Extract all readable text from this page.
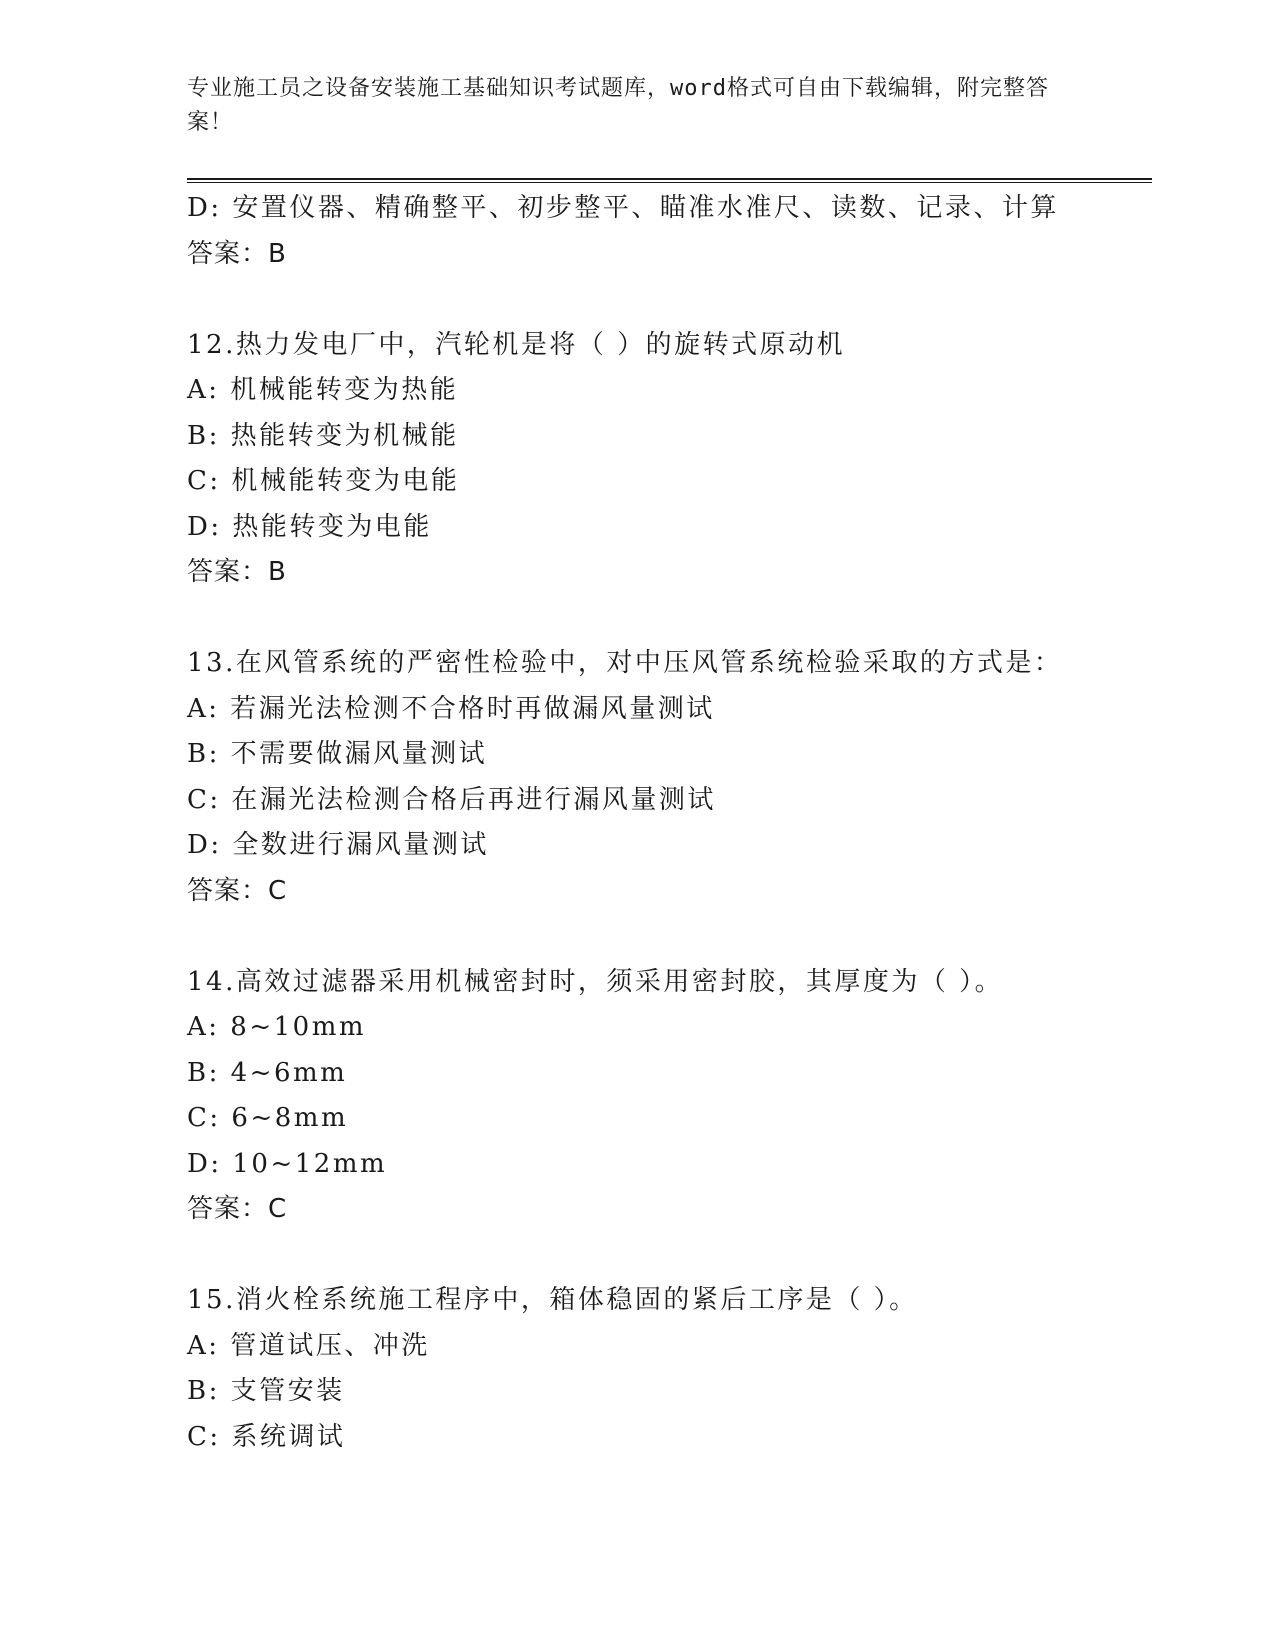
专业施工员之设备安装施工基础知识考试题库，word格式可自由下载编辑，附完整答案！
D: 安置仪器、精确整平、初步整平、瞄准水准尺、读数、记录、计算
答案：B
12.热力发电厂中，汽轮机是将（ ）的旋转式原动机
A: 机械能转变为热能
B: 热能转变为机械能
C: 机械能转变为电能
D: 热能转变为电能
答案：B
13.在风管系统的严密性检验中，对中压风管系统检验采取的方式是：
A: 若漏光法检测不合格时再做漏风量测试
B: 不需要做漏风量测试
C: 在漏光法检测合格后再进行漏风量测试
D: 全数进行漏风量测试
答案：C
14.高效过滤器采用机械密封时，须采用密封胶，其厚度为（ ）。
A: 8~10mm
B: 4~6mm
C: 6~8mm
D: 10~12mm
答案：C
15.消火栓系统施工程序中，箱体稳固的紧后工序是（ ）。
A: 管道试压、冲洗
B: 支管安装
C: 系统调试
